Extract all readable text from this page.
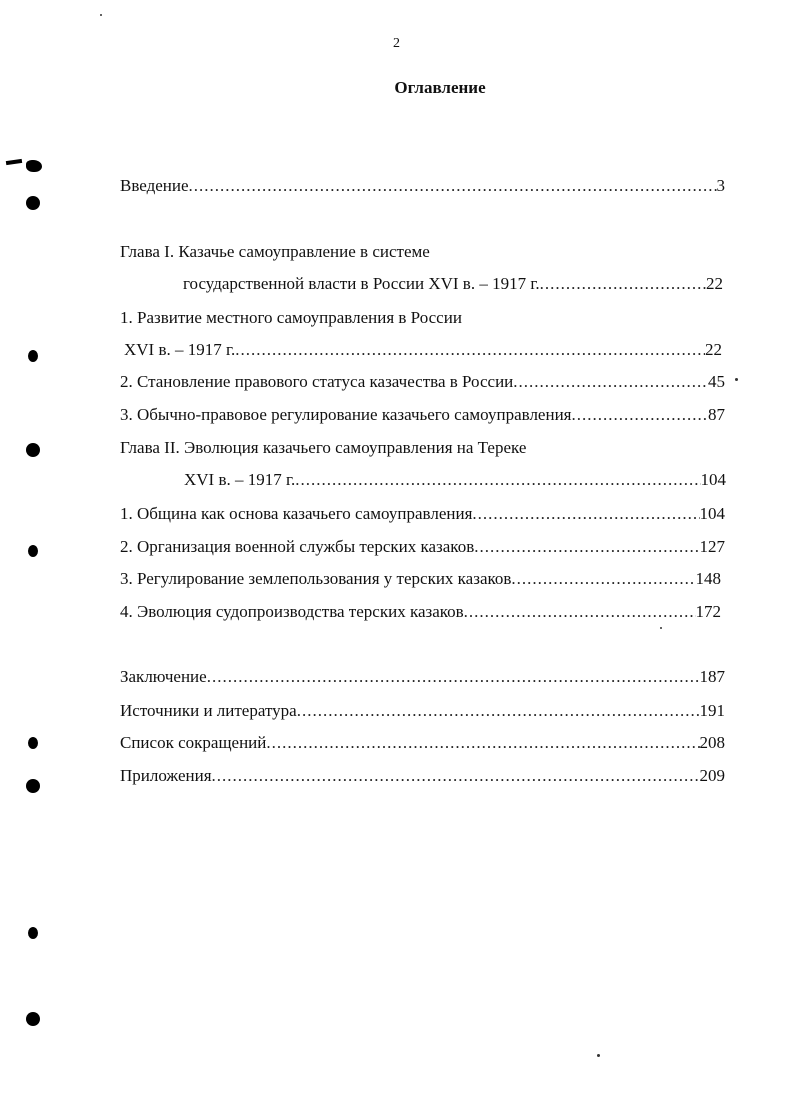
2
Оглавление
Введение .....	3
Глава I. Казачье самоуправление в системе
государственной власти в России XVI в. – 1917 г. .....	22
1. Развитие местного самоуправления в России
XVI в. – 1917 г. .....	22
2. Становление правового статуса казачества в России .....	45
3. Обычно-правовое регулирование казачьего самоуправления .....	87
Глава II. Эволюция казачьего самоуправления на Тереке
XVI в. – 1917 г. .....	104
1. Община как основа казачьего самоуправления .....	104
2. Организация военной службы терских казаков .....	127
3. Регулирование землепользования у терских казаков .....	148
4. Эволюция судопроизводства терских казаков .....	172
Заключение .....	187
Источники и литература .....	191
Список сокращений .....	208
Приложения .....	209
